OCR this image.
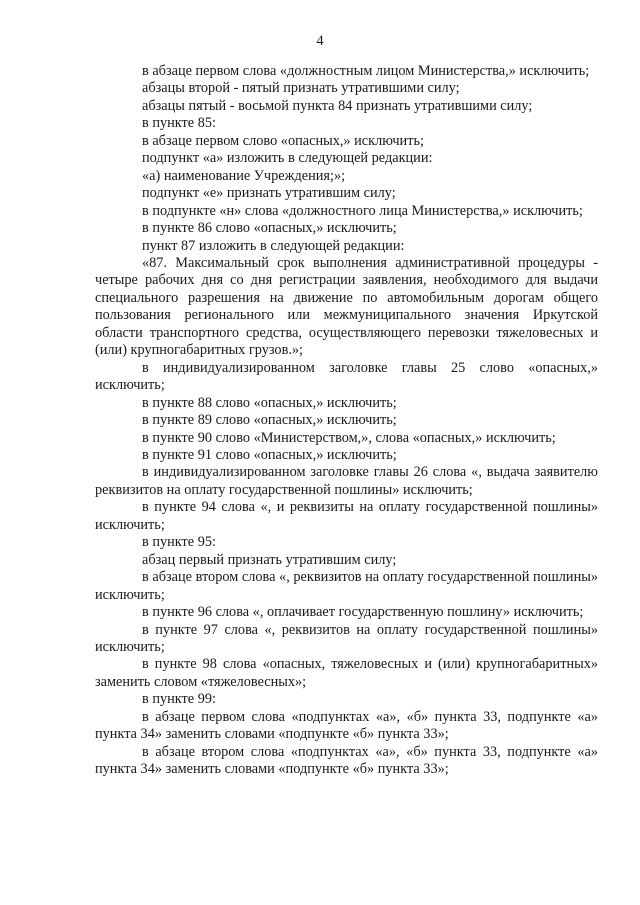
4

в абзаце первом слова «должностным лицом Министерства,» исключить;

абзацы второй - пятый признать утратившими силу;

абзацы пятый - восьмой пункта 84 признать утратившими силу;

в пункте 85:

в абзаце первом слово «опасных,» исключить;

подпункт «а» изложить в следующей редакции:

«а) наименование Учреждения;»;

подпункт «е» признать утратившим силу;

в подпункте «н» слова «должностного лица Министерства,» исключить;

в пункте 86 слово «опасных,» исключить;

пункт 87 изложить в следующей редакции:

«87. Максимальный срок выполнения административной процедуры - четыре рабочих дня со дня регистрации заявления, необходимого для выдачи специального разрешения на движение по автомобильным дорогам общего пользования регионального или межмуниципального значения Иркутской области транспортного средства, осуществляющего перевозки тяжеловесных и (или) крупногабаритных грузов.»;

в индивидуализированном заголовке главы 25 слово «опасных,» исключить;

в пункте 88 слово «опасных,» исключить;

в пункте 89 слово «опасных,» исключить;

в пункте 90 слово «Министерством,», слова «опасных,» исключить;

в пункте 91 слово «опасных,» исключить;

в индивидуализированном заголовке главы 26 слова «, выдача заявителю реквизитов на оплату государственной пошлины» исключить;

в пункте 94 слова «, и реквизиты на оплату государственной пошлины» исключить;

в пункте 95:

абзац первый признать утратившим силу;

в абзаце втором слова «, реквизитов на оплату государственной пошлины» исключить;

в пункте 96 слова «, оплачивает государственную пошлину» исключить;

в пункте 97 слова «, реквизитов на оплату государственной пошлины» исключить;

в пункте 98 слова «опасных, тяжеловесных и (или) крупногабаритных» заменить словом «тяжеловесных»;

в пункте 99:

в абзаце первом слова «подпунктах «а», «б» пункта 33, подпункте «а» пункта 34» заменить словами «подпункте «б» пункта 33»;

в абзаце втором слова «подпунктах «а», «б» пункта 33, подпункте «а» пункта 34» заменить словами «подпункте «б» пункта 33»;
